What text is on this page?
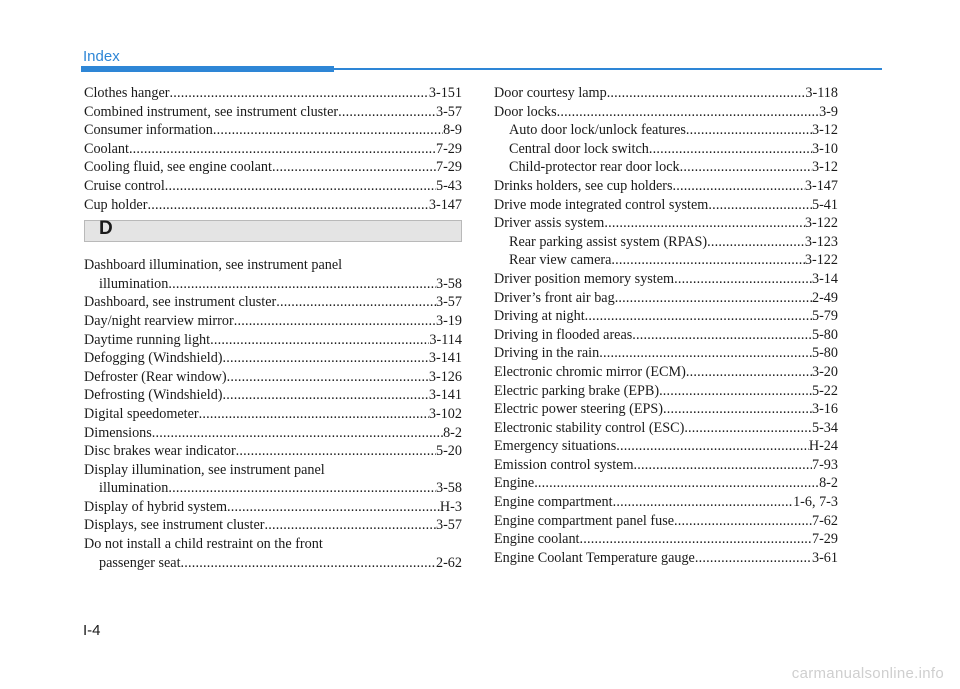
Index
Clothes hanger .....	3-151
Combined instrument, see instrument cluster .....	3-57
Consumer information .....	8-9
Coolant .....	7-29
Cooling fluid, see engine coolant .....	7-29
Cruise control .....	5-43
Cup holder .....	3-147
D
Dashboard illumination, see instrument panel
illumination .....	3-58
Dashboard, see instrument cluster .....	3-57
Day/night rearview mirror .....	3-19
Daytime running light .....	3-114
Defogging (Windshield) .....	3-141
Defroster (Rear window) .....	3-126
Defrosting (Windshield) .....	3-141
Digital speedometer .....	3-102
Dimensions .....	8-2
Disc brakes wear indicator .....	5-20
Display illumination, see instrument panel
illumination .....	3-58
Display of hybrid system .....	H-3
Displays, see instrument cluster .....	3-57
Do not install a child restraint on the front
passenger seat .....	2-62
Door courtesy lamp .....	3-118
Door locks .....	3-9
Auto door lock/unlock features .....	3-12
Central door lock switch .....	3-10
Child-protector rear door lock .....	3-12
Drinks holders, see cup holders .....	3-147
Drive mode integrated control system .....	5-41
Driver assis system .....	3-122
Rear parking assist system (RPAS) .....	3-123
Rear view camera .....	3-122
Driver position memory system .....	3-14
Driver’s front air bag .....	2-49
Driving at night .....	5-79
Driving in flooded areas .....	5-80
Driving in the rain .....	5-80
Electronic chromic mirror (ECM) .....	3-20
Electric parking brake (EPB) .....	5-22
Electric power steering (EPS) .....	3-16
Electronic stability control (ESC) .....	5-34
Emergency situations .....	H-24
Emission control system .....	7-93
Engine .....	8-2
Engine compartment .....	1-6, 7-3
Engine compartment panel fuse .....	7-62
Engine coolant .....	7-29
Engine Coolant Temperature gauge .....	3-61
I-4
carmanualsonline.info
